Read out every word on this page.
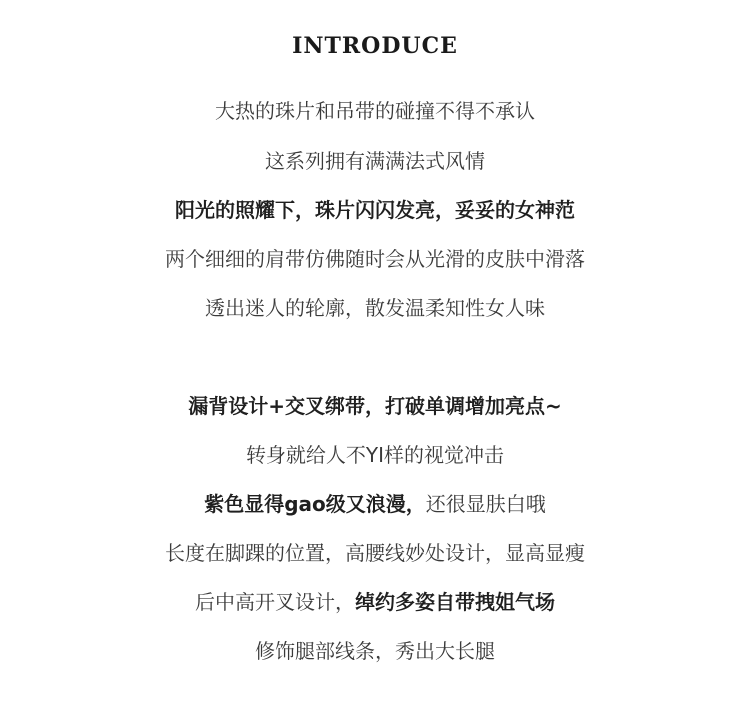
INTRODUCE
大热的珠片和吊带的碰撞不得不承认
这系列拥有满满法式风情
阳光的照耀下，珠片闪闪发亮，妥妥的女神范
两个细细的肩带仿佛随时会从光滑的皮肤中滑落
透出迷人的轮廓，散发温柔知性女人味
漏背设计+交叉绑带，打破单调增加亮点~
转身就给人不YI样的视觉冲击
紫色显得gao级又浪漫，还很显肤白哦
长度在脚踝的位置，高腰线妙处设计，显高显瘦
后中高开叉设计，绰约多姿自带拽姐气场
修饰腿部线条，秀出大长腿
